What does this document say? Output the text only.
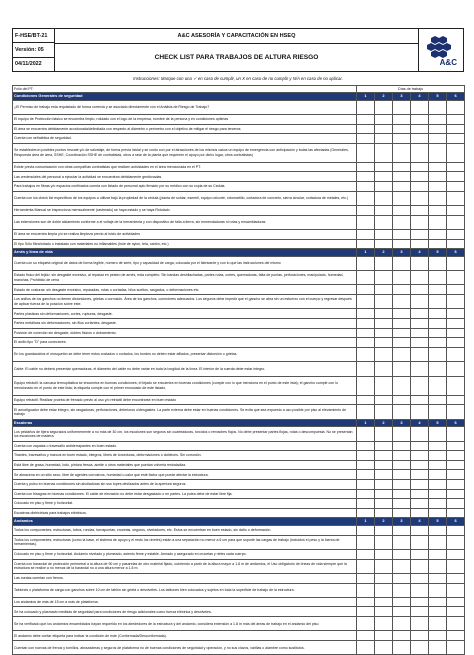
F-HSE/BT-21
Versión: 05
04/11/2022
A&C ASESORÍA Y CAPACITACIÓN EN HSEQ
CHECK LIST PARA TRABAJOS DE ALTURA RIESGO
A&C
Instrucciones: Marque con una ✓ en caso de cumplir, un X en caso de no cumplir y N/A en caso de no aplicar.
Folio del PT:	Días de trabajo					
Condiciones Generales de seguridad	1	2	3	4	5	6
¿El Permiso de trabajo esta requisitado de forma correcta y se asociado directamente con el Análisis de Riesgo de Trabajo?						
El equipo de Protección básico se encuentra limpio, rotulado con el logo de la empresa, nombre de la persona y en condiciones optimas						
El área se encuentra debidamente acordonada/delimitada con respecto al diámetro o perímetro con el objetivo de mitigar el riesgo para terceros						
Cuenta con señalética de seguridad.						
Se establecieron posibles puntos rescate y/o de salvataje, de forma previa inicial y se conto con por el atracciones de los mismos casos un equipo de emergencia con anticipación y todas las afectadas (Generales, Respuesta área de área, SSHE, Coordinación SSHE de contratistas, otros a rase de la planta que requieren el apoyo por dicho lugar, otros contratistas)						
Existe previa comunicación con otras compañías contratistas que realicen actividades en el área mencionada en el PT.						
Las credenciales del personal a ejecutar la actividad se encuentran debidamente gestionadas						
Para trabajos en fibras y/o espacios confinados cuenta con listado de personal apto firmado por su médico con su copia de su Cedula.						
Cuenta con los check list específicos de los equipos a utilizar bajo la propiedad de la cédula (planta de soldar, esmeril, equipo oxicorte, rotomartillo, cortadora de concreto, sierra circular, cortadora de metales, etc.)						
Herramienta Manual se inspecciona mensualmente (rastreado) se haya estado y se haya Rotulado						
Las extensiones son de doble aislamiento conforme a el voltaje de la herramienta y con dispositivo de falla a tierra, sin enmendaduras ni rotas y ensambladuras						
El área se encuentra limpia y/o se realiza limpieza previo al inicio de actividades						
El tipo Sólo fibra/rotado o instalado con materiales no inflamables (hule de nylon, tela, cartón, etc.)						
Arnés y línea de vida	1	2	3	4	5	6
Cuenta con su etiqueta original de datos de forma legible, número de serie, tipo y capacidad de carga, colocada por el fabricante y con lo que las instrucciones del mismo						
Estado físico del tejido: sin desgaste excesivo, al repasar en pesteo de arnés, esta completo. Sin bandas deshilachadas, partes rotas, cortes, quemaduras, falta de puntas, perforaciones, manipulado, humedad, manchas. Prohibido de cena						
Estado de costuras: sin desgaste excesivo, reparadas, rotas o cortadas, hilos sueltos, rasgados, o deformaciones etc.						
Los anillos de los ganchos no tienen distorsiones, grietas o corrosión. Área de los ganchos, conectores adecuados. Los seguros debe impedir que el gancho se abra sin un esfuerzo con el cuerpo y regresar después de aplicar fuerza de la posición sobre este.						
Partes plásticas sin deformaciones, cortes, rupturas, desgaste.						
Partes metálicas sin deformaciones, sin filos cortantes, desgaste.						
Posición de conexión sin desgaste, dobles físicos o dobramiento.						
El anillo tipo "D" para conectores.						
En los guardacabos el mosquetón se debe tener estos costados o cortados, los bordes no deben estar afilados, presentar distorsión o grietas.						
Cable: El cable no deberá presentar quemaduras, el diámetro del cable no debe variar en toda la longitud de la línea. El interior de la cuerda debe estar integro.						
Equipo retráctil: la carcasa termoplástica se encuentra en buenas condiciones; el tejado se encuentra en buenas condiciones (cumple con lo que menciona en el punto de este lista); el gancho cumple con lo mencionado en el punto de este lista; la etiqueta cumple con el primer enunciado de este listado.						
Equipo retráctil: Realizar prueba de frenado previo al uso y/o retráctil debe encontrarse en buen estado						
El amortiguador debe estar integro, sin rasgaduras, perforaciones, deterioros o/desgastes. La parte externa debe estar en buenas condiciones. Se evita que sea expuesto a uso posible por piso al elevamiento de trabajo						
Escaleras	1	2	3	4	5	6
Los peldaños de tijera segurados uniformemente a no más de 30 cm, los escalones son seguros sin cuarteaduras, torcidos o remaches flojos. No debe presentar partes flojas, rotas o descompuesta. No se presentan los escalones de madera.						
Cuenta con zapatas o travesaño antiderrapantes en buen estado.						
Tirantes, travesaños y marcos en buen estado, integros, libres de torceduras, deformaciones o dobleces. Sin corrosión.						
Está libre de grasa, humedad, lodo, pintura fresca, aceite u otros materiales que puedan volverla resbaladiza.						
Se almacena en un sitio seco, libre de agentes corrosivos, humedad o calor que esté factor que puede afectar la estructura.						
Cuenta y pulso en buenas condiciones sin abolladuras sin sus topes deslizados antes de la apertura seguros.						
Cuenta con bisagras en buenas condiciones. El cable de elevación no debe estar desgastado o en partes. La polea debe de estar libre fija.						
Colocado en piso y firme y horizontal.						
Escaleras dieléctricas para trabajos eléctricos.						
Andamios	1	2	3	4	5	6
Todos los componentes, estructuras, tubos, rondas, tornapuntas, crucetas, seguros, niveladores, etc. Estos se encuentran en buen estado, sin daño o deformación.						
Todos los componentes, estructuras (como la base, el sistema de apoyo y el resto los niveles) están a una separación no menor a 6 cm para que soporte las cargas de trabajo (incluidos el peso y la fuerza de herramientas).						
Colocado en piso y firme y horizontal. Andamio nivelado y plomeado, asiento firme y estable. Armado y asegurado en crucetas y rieles cada cuerpo.						
Cuenta con barandal de protección perimetral a la altura de 90 cm y pasarelas de otro material fijado, cubriendo a partir de la altura mayor a 1.8 m de andamios, el Uso obligatorio de líneas de vida siempre que la estructura se realice a no menos de la barandal no a una altura menor a 1.8 m.						
Las ruedas cuentan con frenos.						
Tablones o plataforma de carga con ganchos sobre 10 cm de tablón sin grieta o desniveles. Los tablones bien colocados y sujetos en toda la superficie de trabajo de la estructura.						
Los andamios de más de 15 cm a más de plataforma.						
Se ha colocado y plasmado medidas de seguridad para condiciones de riesgo adicionales como fuerza eléctrica y desniveles.						
Se ha verificado que los andamios ensamblados hayan requerido en los alrededores de la estructura y del andamio, considera extensión a 1.8 m más del áreas de trabajo en el andamio del piso.						
El andamio debe contar etiqueta para indicar la condición de este (Conformada/Desconformada).						
Cuentan con nuevas de frenos y tornillos, abrazaderas y seguros de plataforma no de buenas condiciones de seguridad y operación, y no sus clavos, varillas o alambre como sustitutos.						
